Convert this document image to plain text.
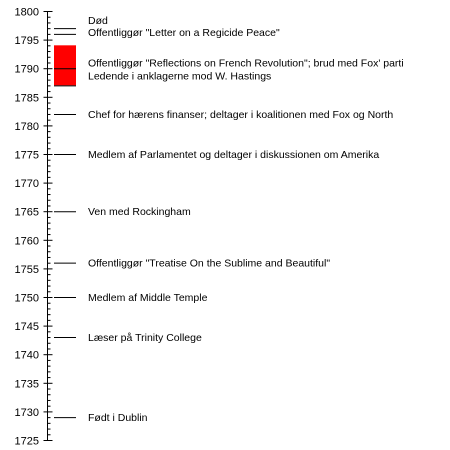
1725
1730
1735
1740
1745
1750
1755
1760
1765
1770
1775
1780
1785
1790
1795
1800
Født i Dublin
Læser på Trinity College
Medlem af Middle Temple
Offentliggør "Treatise On the Sublime and Beautiful"
Ven med Rockingham
Medlem af Parlamentet og deltager i diskussionen om Amerika
Chef for hærens finanser; deltager i koalitionen med Fox og North
Ledende i anklagerne mod W. Hastings
Offentliggør "Reflections on French Revolution"; brud med Fox' parti
Offentliggør "Letter on a Regicide Peace"
Død
